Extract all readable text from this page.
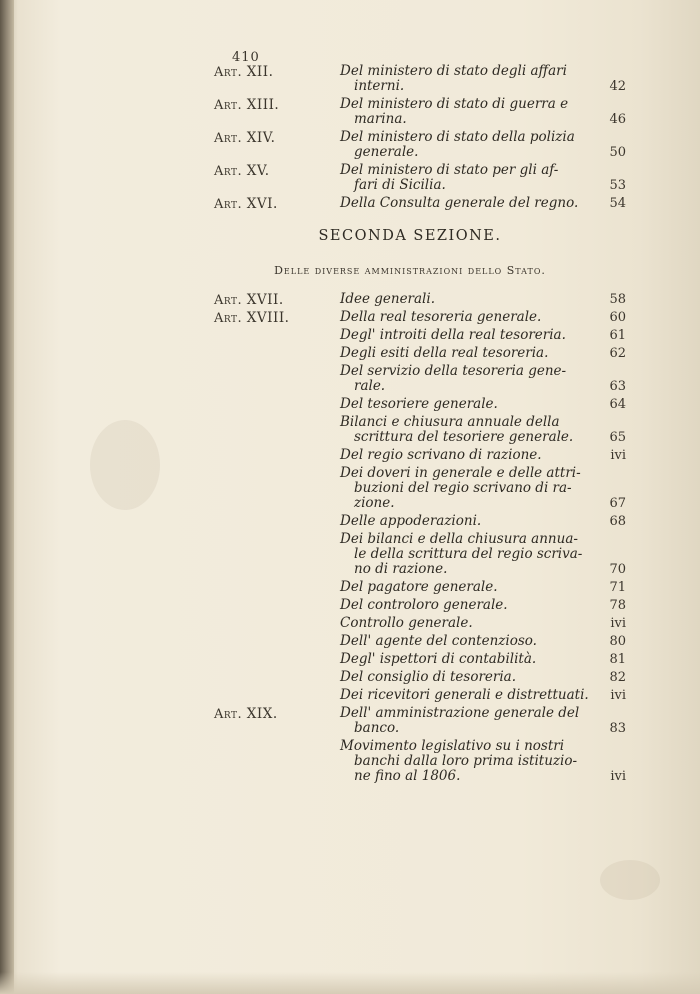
410
Art. XII.	Del ministero di stato degli affari
interni.	42
Art. XIII.	Del ministero di stato di guerra e
marina.	46
Art. XIV.	Del ministero di stato della polizia
generale.	50
Art. XV.	Del ministero di stato per gli af-
fari di Sicilia.	53
Art. XVI.	Della Consulta generale del regno.	54
SECONDA SEZIONE.
Delle diverse amministrazioni dello Stato.
Art. XVII.	Idee generali.	58
Art. XVIII.	Della real tesoreria generale.	60
Degl' introiti della real tesoreria.	61
Degli esiti della real tesoreria.	62
Del servizio della tesoreria gene-
rale.	63
Del tesoriere generale.	64
Bilanci e chiusura annuale della
scrittura del tesoriere generale.	65
Del regio scrivano di razione.	ivi
Dei doveri in generale e delle attri-
buzioni del regio scrivano di ra-
zione.	67
Delle appoderazioni.	68
Dei bilanci e della chiusura annua-
le della scrittura del regio scriva-
no di razione.	70
Del pagatore generale.	71
Del controloro generale.	78
Controllo generale.	ivi
Dell' agente del contenzioso.	80
Degl' ispettori di contabilità.	81
Del consiglio di tesoreria.	82
Dei ricevitori generali e distrettuati.	ivi
Art. XIX.	Dell' amministrazione generale del
banco.	83
Movimento legislativo su i nostri
banchi dalla loro prima istituzio-
ne fino al 1806.	ivi
